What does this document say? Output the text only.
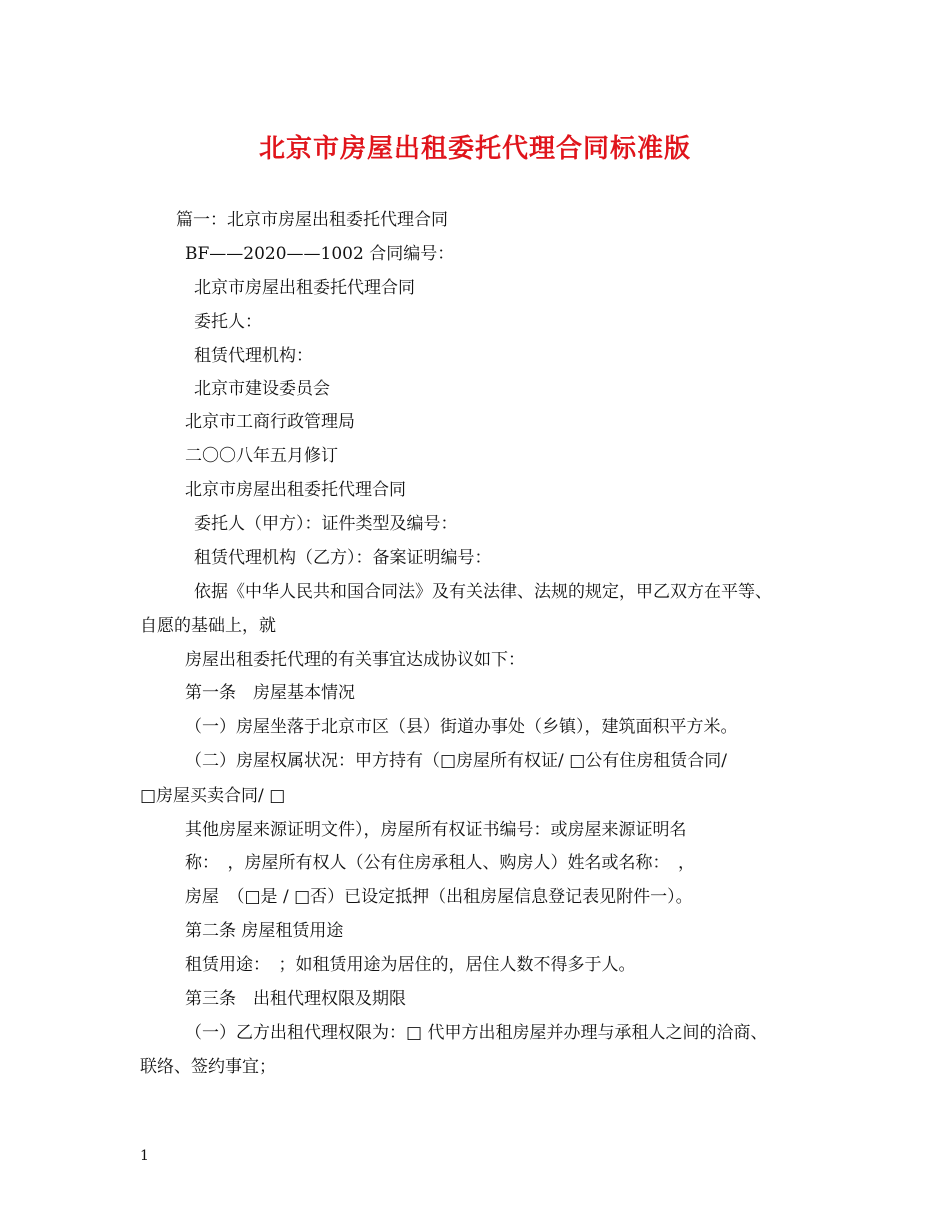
北京市房屋出租委托代理合同标准版
篇一：北京市房屋出租委托代理合同
BF——2020——1002 合同编号：
北京市房屋出租委托代理合同
委托人：
租赁代理机构：
北京市建设委员会
北京市工商行政管理局
二〇〇八年五月修订
北京市房屋出租委托代理合同
委托人（甲方）：证件类型及编号：
租赁代理机构（乙方）：备案证明编号：
依据《中华人民共和国合同法》及有关法律、法规的规定，甲乙双方在平等、
自愿的基础上，就
房屋出租委托代理的有关事宜达成协议如下：
第一条　房屋基本情况
（一）房屋坐落于北京市区（县）街道办事处（乡镇），建筑面积平方米。
（二）房屋权属状况：甲方持有（□房屋所有权证/ □公有住房租赁合同/
□房屋买卖合同/ □
其他房屋来源证明文件），房屋所有权证书编号：或房屋来源证明名
称：　，房屋所有权人（公有住房承租人、购房人）姓名或名称：　，
房屋　（□是 / □否）已设定抵押（出租房屋信息登记表见附件一）。
第二条 房屋租赁用途
租赁用途：　；如租赁用途为居住的，居住人数不得多于人。
第三条　出租代理权限及期限
（一）乙方出租代理权限为：□ 代甲方出租房屋并办理与承租人之间的洽商、
联络、签约事宜；
1
